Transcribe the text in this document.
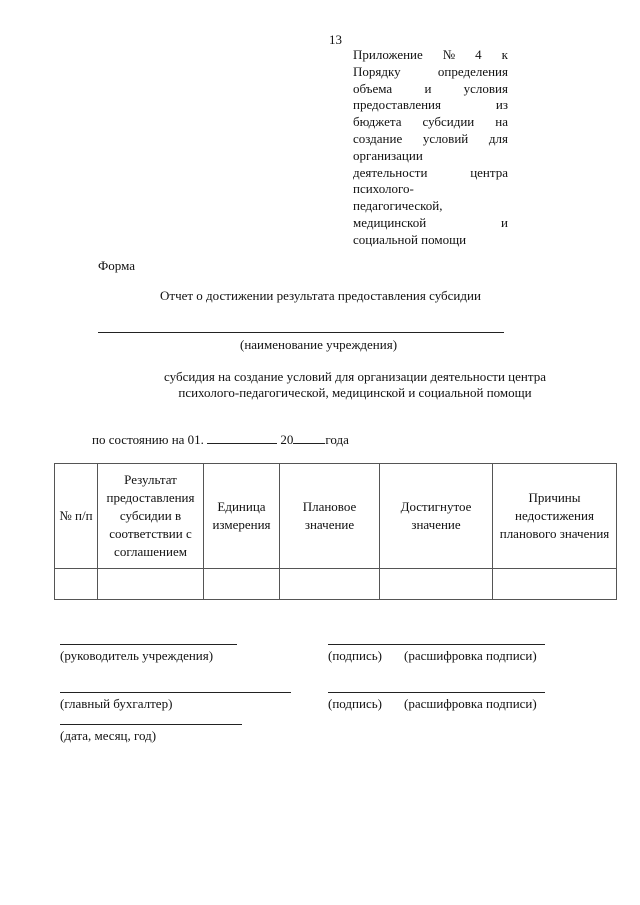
13
Приложение № 4 к
Порядку	определения
объема и условия
предоставления	из
бюджета субсидии на
создание условий для
организации
деятельности	центра
психолого-
педагогической,
медицинской	и
социальной помощи
Форма
Отчет о достижении результата предоставления субсидии
(наименование учреждения)
субсидия на создание условий для организации деятельности центра
психолого-педагогической, медицинской и социальной помощи
по состоянию на 01.	20 года
№ п/п	Результат предоставления субсидии в соответствии с соглашением	Единица измерения	Плановое значение	Достигнутое значение	Причины недостижения планового значения

(руководитель учреждения)	(подпись) (расшифровка подписи)
(главный бухгалтер)	(подпись) (расшифровка подписи)
(дата, месяц, год)
